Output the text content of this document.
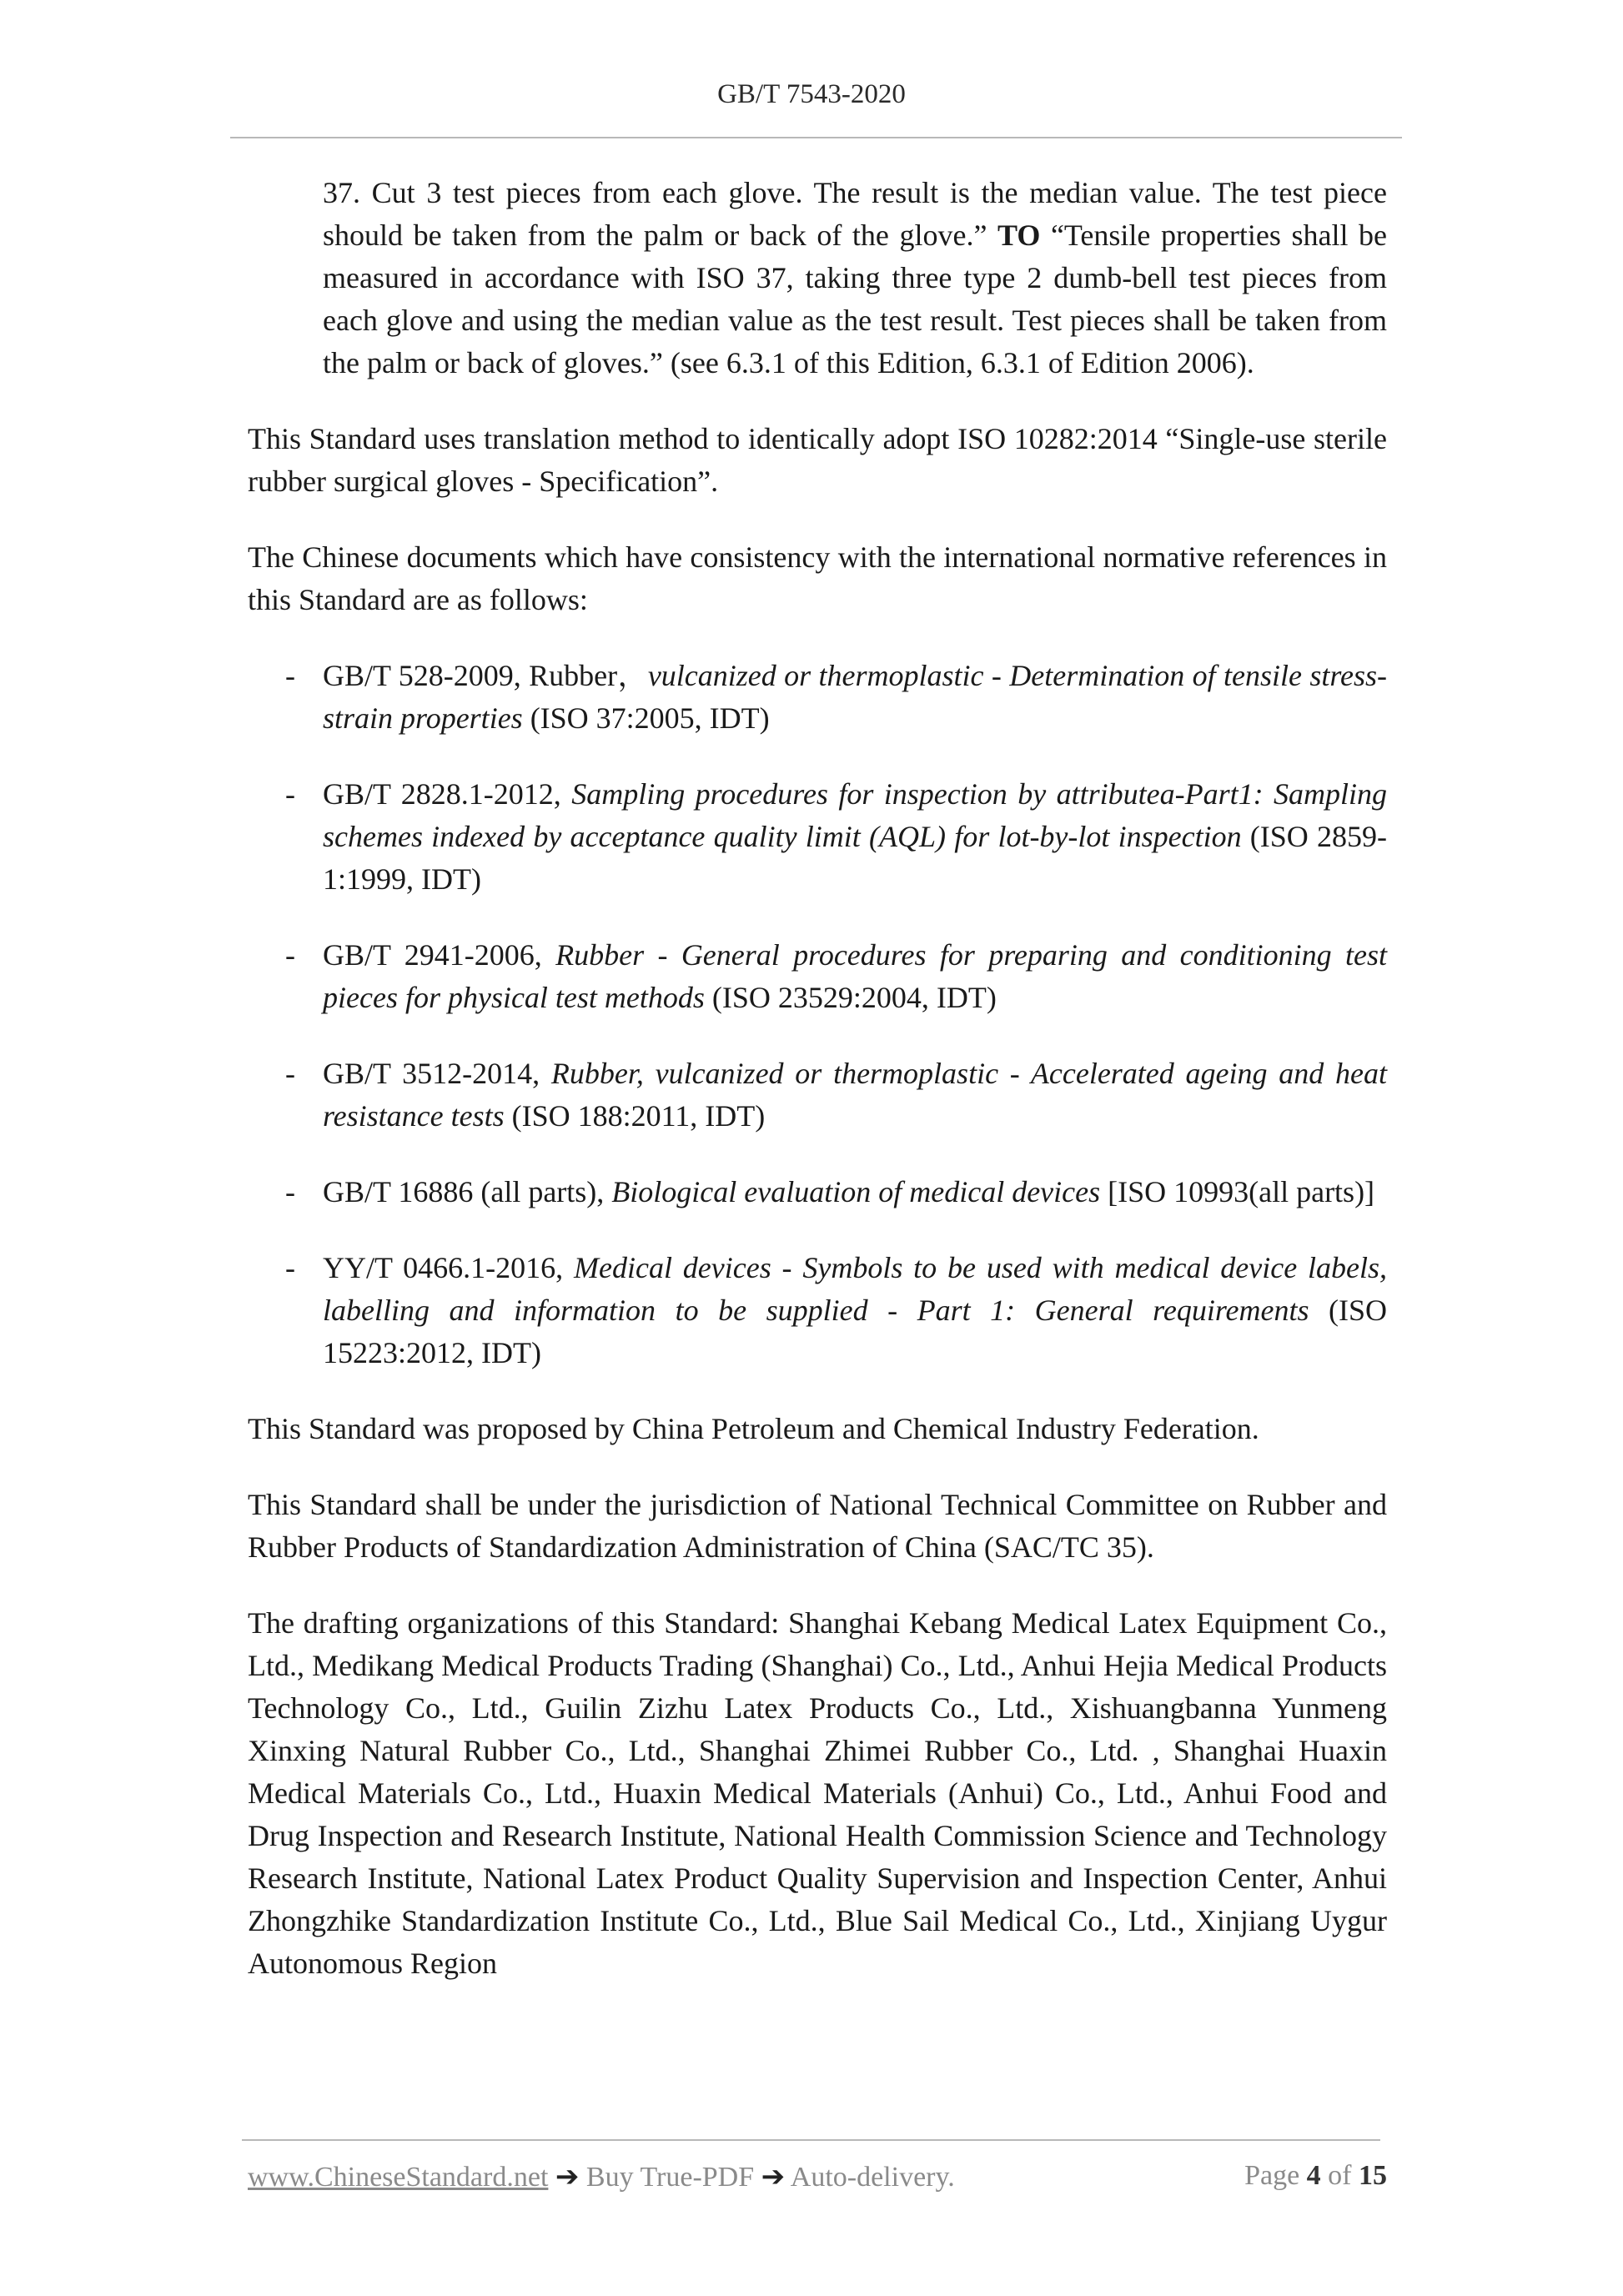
GB/T 7543-2020

37. Cut 3 test pieces from each glove. The result is the median value. The test piece should be taken from the palm or back of the glove.” TO “Tensile properties shall be measured in accordance with ISO 37, taking three type 2 dumb-bell test pieces from each glove and using the median value as the test result. Test pieces shall be taken from the palm or back of gloves.” (see 6.3.1 of this Edition, 6.3.1 of Edition 2006).

This Standard uses translation method to identically adopt ISO 10282:2014 “Single-use sterile rubber surgical gloves - Specification”.

The Chinese documents which have consistency with the international normative references in this Standard are as follows:

- GB/T 528-2009, Rubber，vulcanized or thermoplastic - Determination of tensile stress-strain properties (ISO 37:2005, IDT)
- GB/T 2828.1-2012, Sampling procedures for inspection by attributea-Part1: Sampling schemes indexed by acceptance quality limit (AQL) for lot-by-lot inspection (ISO 2859-1:1999, IDT)
- GB/T 2941-2006, Rubber - General procedures for preparing and conditioning test pieces for physical test methods (ISO 23529:2004, IDT)
- GB/T 3512-2014, Rubber, vulcanized or thermoplastic - Accelerated ageing and heat resistance tests (ISO 188:2011, IDT)
- GB/T 16886 (all parts), Biological evaluation of medical devices [ISO 10993(all parts)]
- YY/T 0466.1-2016, Medical devices - Symbols to be used with medical device labels, labelling and information to be supplied - Part 1: General requirements (ISO 15223:2012, IDT)

This Standard was proposed by China Petroleum and Chemical Industry Federation.

This Standard shall be under the jurisdiction of National Technical Committee on Rubber and Rubber Products of Standardization Administration of China (SAC/TC 35).

The drafting organizations of this Standard: Shanghai Kebang Medical Latex Equipment Co., Ltd., Medikang Medical Products Trading (Shanghai) Co., Ltd., Anhui Hejia Medical Products Technology Co., Ltd., Guilin Zizhu Latex Products Co., Ltd., Xishuangbanna Yunmeng Xinxing Natural Rubber Co., Ltd., Shanghai Zhimei Rubber Co., Ltd. , Shanghai Huaxin Medical Materials Co., Ltd., Huaxin Medical Materials (Anhui) Co., Ltd., Anhui Food and Drug Inspection and Research Institute, National Health Commission Science and Technology Research Institute, National Latex Product Quality Supervision and Inspection Center, Anhui Zhongzhike Standardization Institute Co., Ltd., Blue Sail Medical Co., Ltd., Xinjiang Uygur Autonomous Region

www.ChineseStandard.net ➔ Buy True-PDF ➔ Auto-delivery.	Page 4 of 15
